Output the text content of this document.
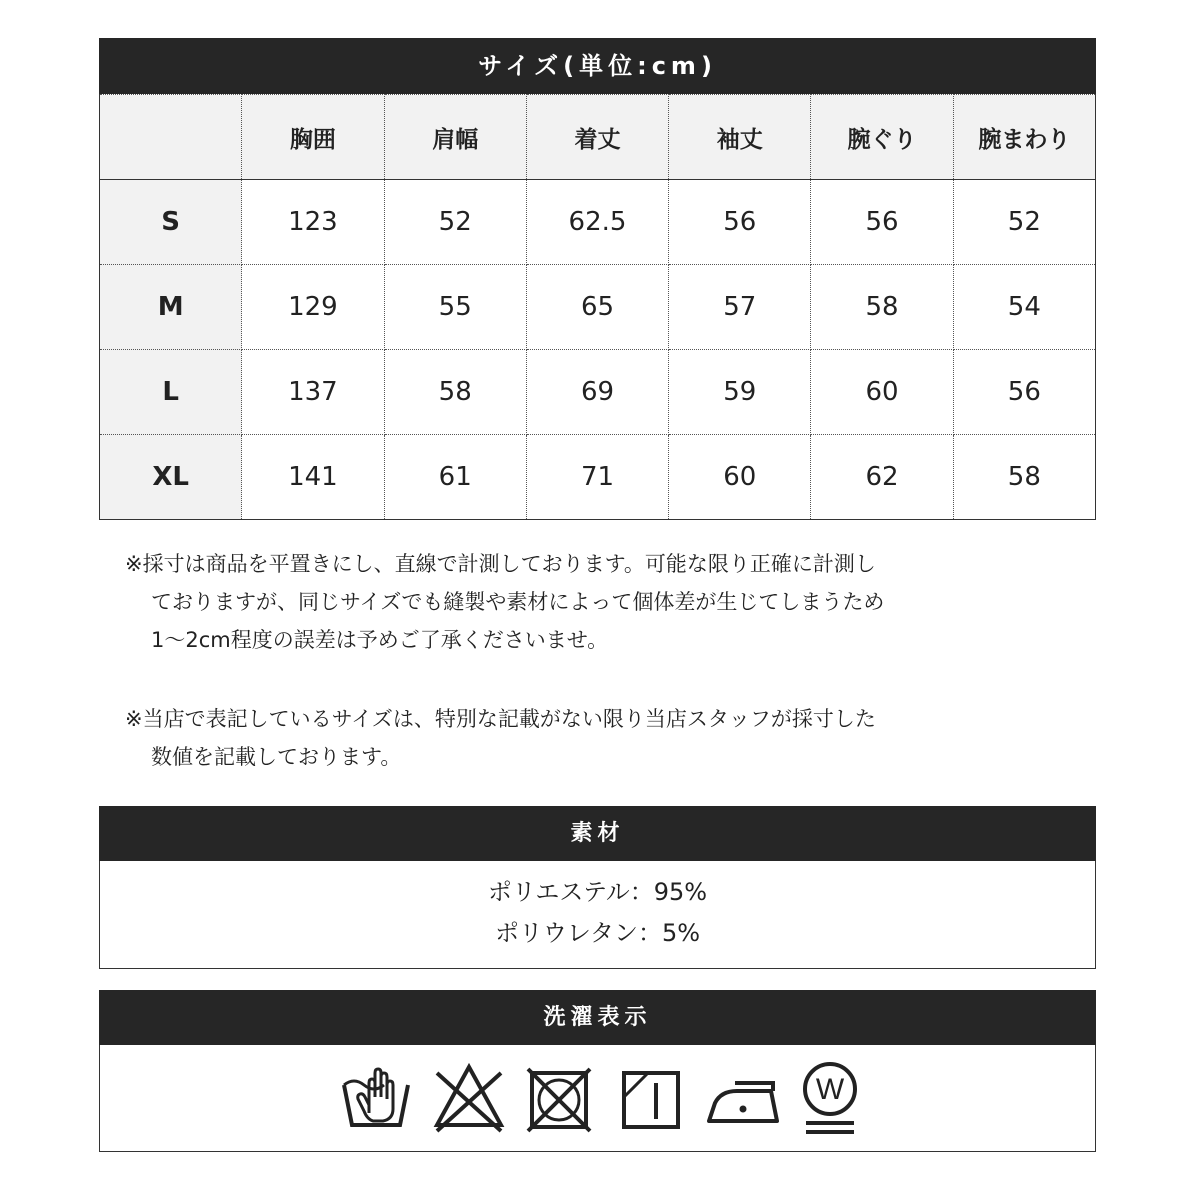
サイズ(単位:cm)
	胸囲	肩幅	着丈	袖丈	腕ぐり	腕まわり
S	123	52	62.5	56	56	52
M	129	55	65	57	58	54
L	137	58	69	59	60	56
XL	141	61	71	60	62	58

※採寸は商品を平置きにし、直線で計測しております。可能な限り正確に計測し

ておりますが、同じサイズでも縫製や素材によって個体差が生じてしまうため

1〜2cm程度の誤差は予めご了承くださいませ。

※当店で表記しているサイズは、特別な記載がない限り当店スタッフが採寸した

数値を記載しております。

素材

ポリエステル：95%

ポリウレタン：5%

洗濯表示
W
